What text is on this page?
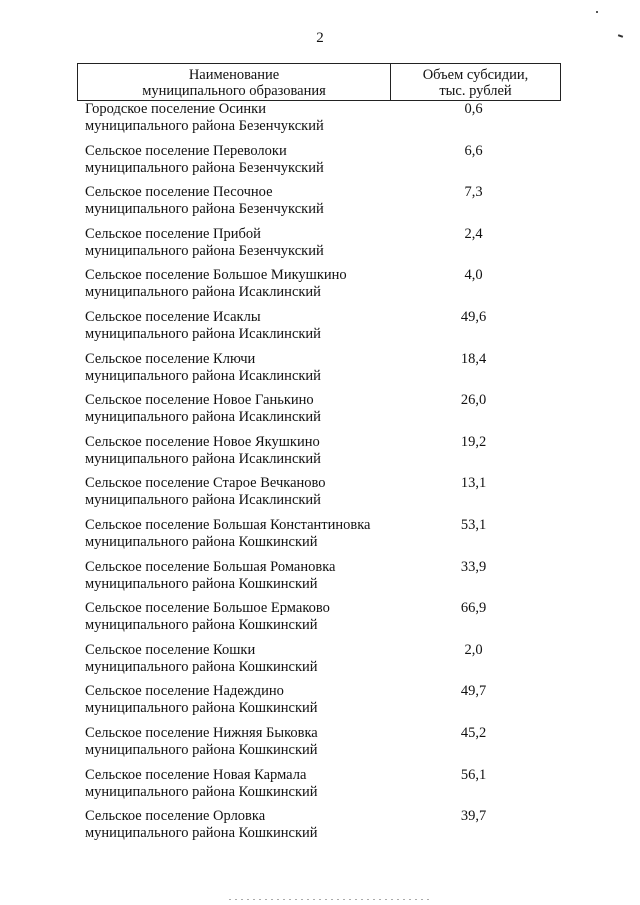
2
Наименование
муниципального образования
Объем субсидии,
тыс. рублей
Городское поселение Осинки
муниципального района Безенчукский
0,6
Сельское поселение Переволоки
муниципального района Безенчукский
6,6
Сельское поселение Песочное
муниципального района Безенчукский
7,3
Сельское поселение Прибой
муниципального района Безенчукский
2,4
Сельское поселение Большое Микушкино
муниципального района Исаклинский
4,0
Сельское поселение Исаклы
муниципального района Исаклинский
49,6
Сельское поселение Ключи
муниципального района Исаклинский
18,4
Сельское поселение Новое Ганькино
муниципального района Исаклинский
26,0
Сельское поселение Новое Якушкино
муниципального района Исаклинский
19,2
Сельское поселение Старое Вечканово
муниципального района Исаклинский
13,1
Сельское поселение Большая Константиновка
муниципального района Кошкинский
53,1
Сельское поселение Большая Романовка
муниципального района Кошкинский
33,9
Сельское поселение Большое Ермаково
муниципального района Кошкинский
66,9
Сельское поселение Кошки
муниципального района Кошкинский
2,0
Сельское поселение Надеждино
муниципального района Кошкинский
49,7
Сельское поселение Нижняя Быковка
муниципального района Кошкинский
45,2
Сельское поселение Новая Кармала
муниципального района Кошкинский
56,1
Сельское поселение Орловка
муниципального района Кошкинский
39,7
